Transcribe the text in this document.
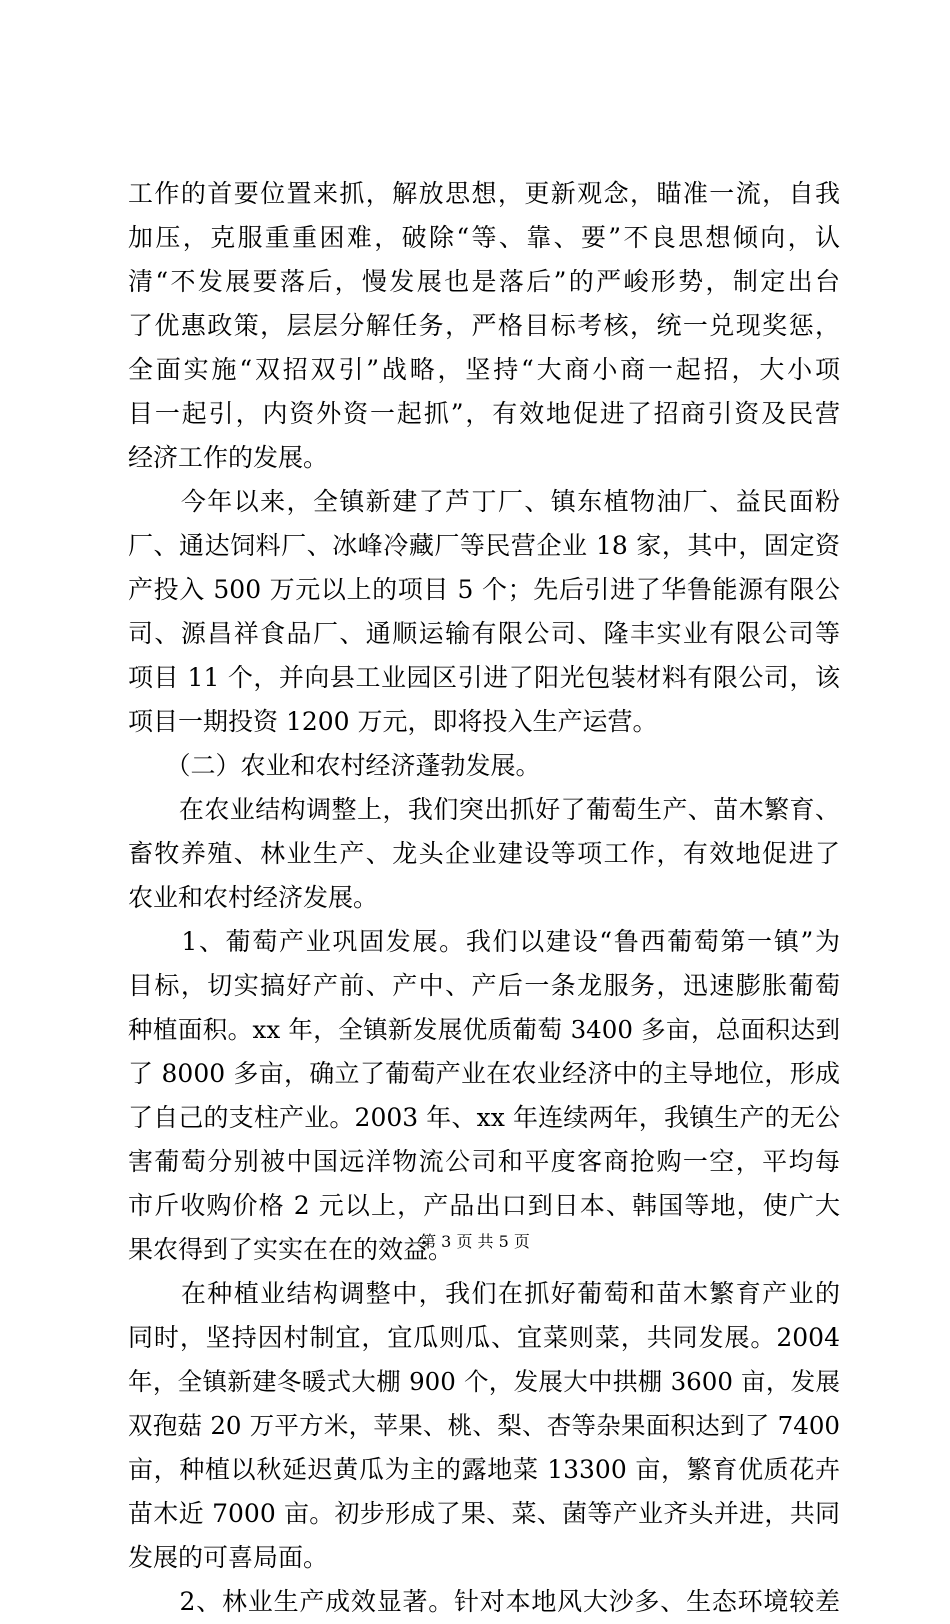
工作的首要位置来抓，解放思想，更新观念，瞄准一流，自我
加压，克服重重困难，破除“等、靠、要”不良思想倾向，认
清“不发展要落后，慢发展也是落后”的严峻形势，制定出台
了优惠政策，层层分解任务，严格目标考核，统一兑现奖惩，
全面实施“双招双引”战略，坚持“大商小商一起招，大小项
目一起引，内资外资一起抓”，有效地促进了招商引资及民营
经济工作的发展。
　　今年以来，全镇新建了芦丁厂、镇东植物油厂、益民面粉
厂、通达饲料厂、冰峰冷藏厂等民营企业 18 家，其中，固定资
产投入 500 万元以上的项目 5 个；先后引进了华鲁能源有限公
司、源昌祥食品厂、通顺运输有限公司、隆丰实业有限公司等
项目 11 个，并向县工业园区引进了阳光包装材料有限公司，该
项目一期投资 1200 万元，即将投入生产运营。
　　（二）农业和农村经济蓬勃发展。
　　在农业结构调整上，我们突出抓好了葡萄生产、苗木繁育、
畜牧养殖、林业生产、龙头企业建设等项工作，有效地促进了
农业和农村经济发展。
　　1、葡萄产业巩固发展。我们以建设“鲁西葡萄第一镇”为
目标，切实搞好产前、产中、产后一条龙服务，迅速膨胀葡萄
种植面积。xx 年，全镇新发展优质葡萄 3400 多亩，总面积达到
了 8000 多亩，确立了葡萄产业在农业经济中的主导地位，形成
了自己的支柱产业。2003 年、xx 年连续两年，我镇生产的无公
害葡萄分别被中国远洋物流公司和平度客商抢购一空，平均每
市斤收购价格 2 元以上，产品出口到日本、韩国等地，使广大
果农得到了实实在在的效益。
　　在种植业结构调整中，我们在抓好葡萄和苗木繁育产业的
同时，坚持因村制宜，宜瓜则瓜、宜菜则菜，共同发展。2004
年，全镇新建冬暖式大棚 900 个，发展大中拱棚 3600 亩，发展
双孢菇 20 万平方米，苹果、桃、梨、杏等杂果面积达到了 7400
亩，种植以秋延迟黄瓜为主的露地菜 13300 亩，繁育优质花卉
苗木近 7000 亩。初步形成了果、菜、菌等产业齐头并进，共同
发展的可喜局面。
　　2、林业生产成效显著。针对本地风大沙多、生态环境较差
第 3 页 共 5 页
